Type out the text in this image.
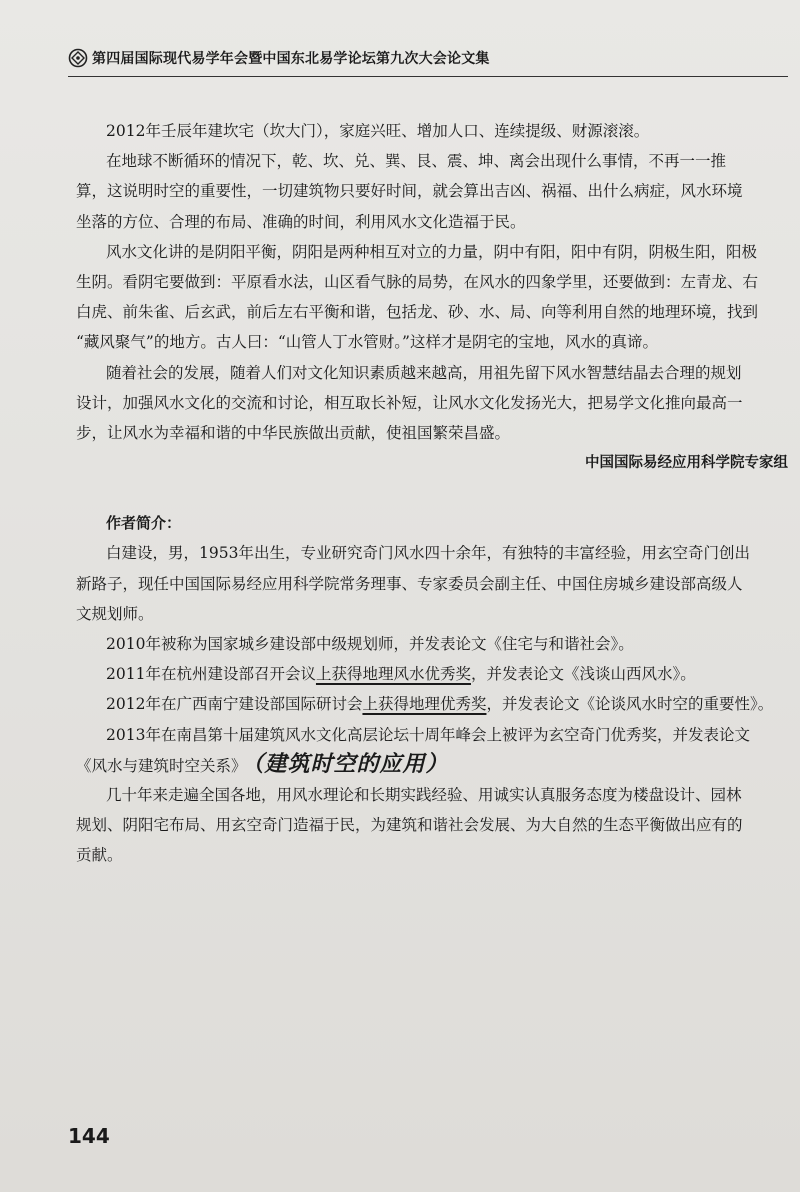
第四届国际现代易学年会暨中国东北易学论坛第九次大会论文集
2012年壬辰年建坎宅（坎大门），家庭兴旺、增加人口、连续提级、财源滚滚。
在地球不断循环的情况下，乾、坎、兑、巽、艮、震、坤、离会出现什么事情，不再一一推
算，这说明时空的重要性，一切建筑物只要好时间，就会算出吉凶、祸福、出什么病症，风水环境
坐落的方位、合理的布局、准确的时间，利用风水文化造福于民。
风水文化讲的是阴阳平衡，阴阳是两种相互对立的力量，阴中有阳，阳中有阴，阴极生阳，阳极
生阴。看阴宅要做到：平原看水法，山区看气脉的局势，在风水的四象学里，还要做到：左青龙、右
白虎、前朱雀、后玄武，前后左右平衡和谐，包括龙、砂、水、局、向等利用自然的地理环境，找到
“藏风聚气”的地方。古人曰：“山管人丁水管财。”这样才是阴宅的宝地，风水的真谛。
随着社会的发展，随着人们对文化知识素质越来越高，用祖先留下风水智慧结晶去合理的规划
设计，加强风水文化的交流和讨论，相互取长补短，让风水文化发扬光大，把易学文化推向最高一
步，让风水为幸福和谐的中华民族做出贡献，使祖国繁荣昌盛。
中国国际易经应用科学院专家组
作者简介：
白建设，男，1953年出生，专业研究奇门风水四十余年，有独特的丰富经验，用玄空奇门创出
新路子，现任中国国际易经应用科学院常务理事、专家委员会副主任、中国住房城乡建设部高级人
文规划师。
2010年被称为国家城乡建设部中级规划师，并发表论文《住宅与和谐社会》。
2011年在杭州建设部召开会议上获得地理风水优秀奖，并发表论文《浅谈山西风水》。
2012年在广西南宁建设部国际研讨会上获得地理优秀奖，并发表论文《论谈风水时空的重要性》。
2013年在南昌第十届建筑风水文化高层论坛十周年峰会上被评为玄空奇门优秀奖，并发表论文
《风水与建筑时空关系》 （建筑时空的应用）
几十年来走遍全国各地，用风水理论和长期实践经验、用诚实认真服务态度为楼盘设计、园林
规划、阴阳宅布局、用玄空奇门造福于民，为建筑和谐社会发展、为大自然的生态平衡做出应有的
贡献。
144
